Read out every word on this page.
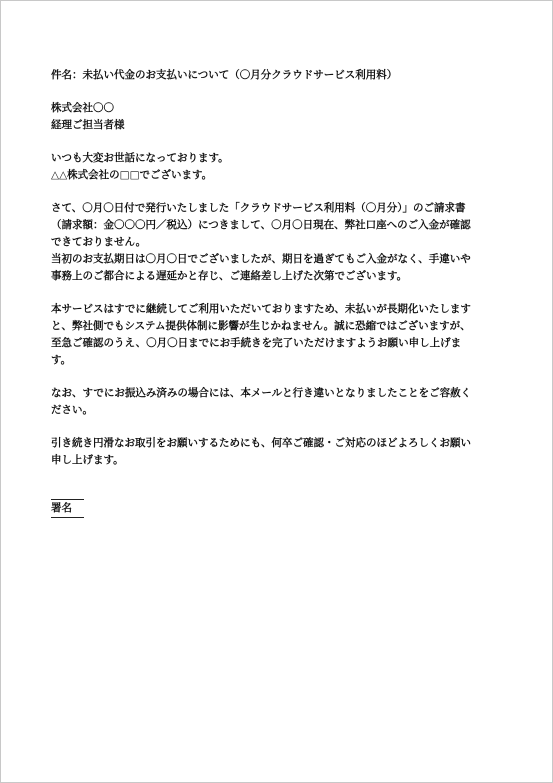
件名：未払い代金のお支払いについて（〇月分クラウドサービス利用料）

株式会社〇〇

経理ご担当者様

いつも大変お世話になっております。

△△株式会社の□□でございます。

さて、〇月〇日付で発行いたしました「クラウドサービス利用料（〇月分）」のご請求書

（請求額：金〇〇〇円／税込）につきまして、〇月〇日現在、弊社口座へのご入金が確認

できておりません。

当初のお支払期日は〇月〇日でございましたが、期日を過ぎてもご入金がなく、手違いや

事務上のご都合による遅延かと存じ、ご連絡差し上げた次第でございます。

本サービスはすでに継続してご利用いただいておりますため、未払いが長期化いたします

と、弊社側でもシステム提供体制に影響が生じかねません。誠に恐縮ではございますが、

至急ご確認のうえ、〇月〇日までにお手続きを完了いただけますようお願い申し上げま

す。

なお、すでにお振込み済みの場合には、本メールと行き違いとなりましたことをご容赦く

ださい。

引き続き円滑なお取引をお願いするためにも、何卒ご確認・ご対応のほどよろしくお願い

申し上げます。

署名
